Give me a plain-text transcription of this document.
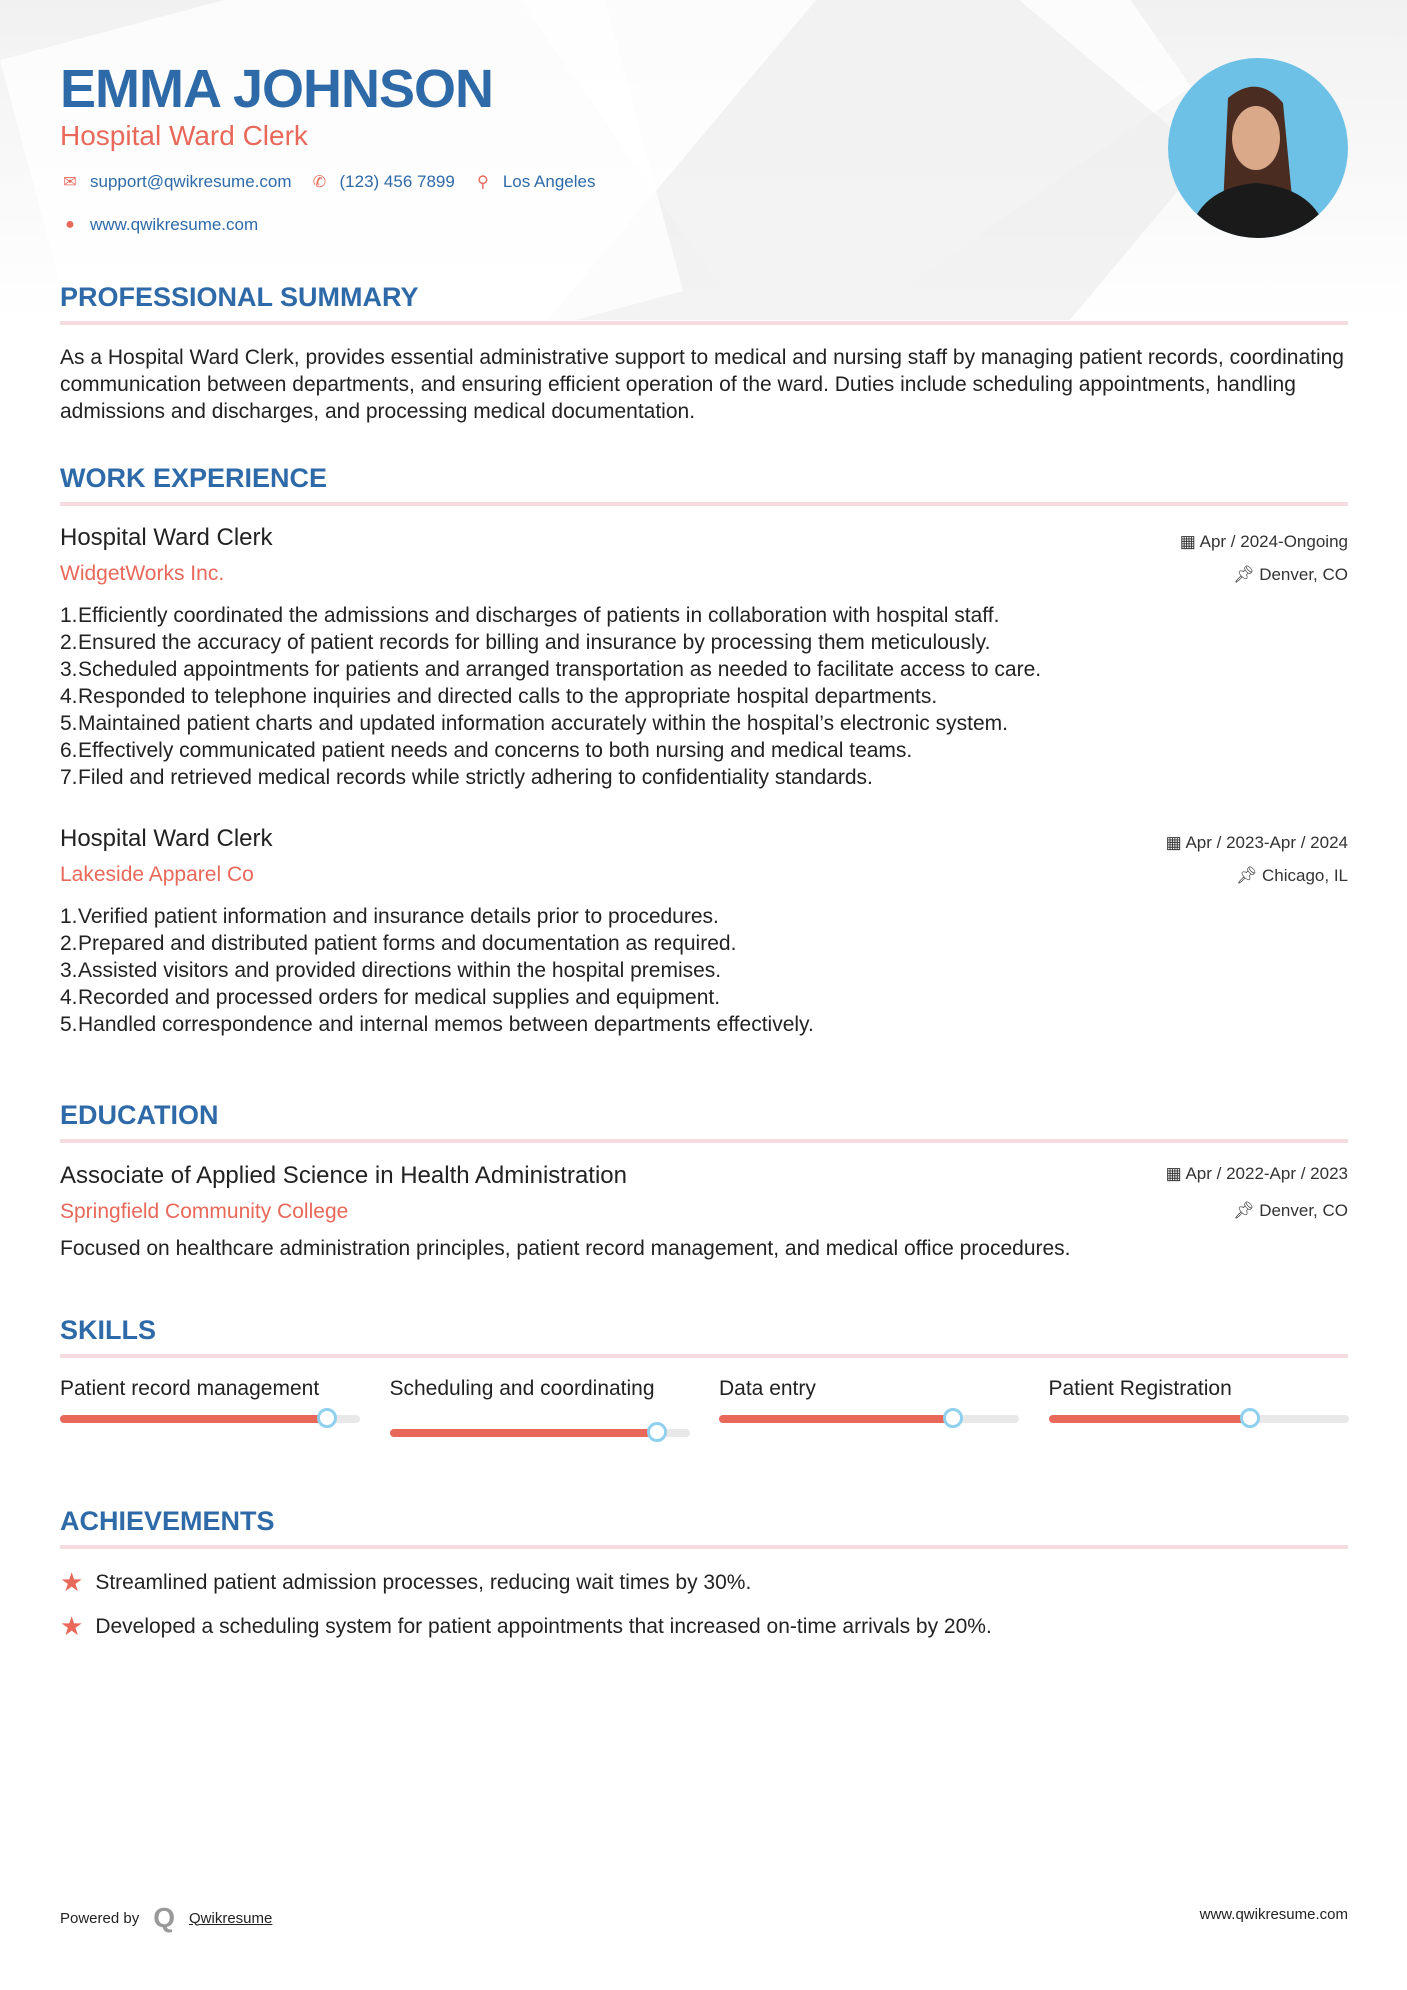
EMMA JOHNSON
Hospital Ward Clerk
✉ support@qwikresume.com ✆ (123) 456 7899 ⚲ Los Angeles
● www.qwikresume.com
PROFESSIONAL SUMMARY
As a Hospital Ward Clerk, provides essential administrative support to medical and nursing staff by managing patient records, coordinating communication between departments, and ensuring efficient operation of the ward. Duties include scheduling appointments, handling admissions and discharges, and processing medical documentation.
WORK EXPERIENCE
Hospital Ward Clerk
WidgetWorks Inc.
▦ Apr / 2024-Ongoing
📌︎ Denver, CO
1.Efficiently coordinated the admissions and discharges of patients in collaboration with hospital staff.
2.Ensured the accuracy of patient records for billing and insurance by processing them meticulously.
3.Scheduled appointments for patients and arranged transportation as needed to facilitate access to care.
4.Responded to telephone inquiries and directed calls to the appropriate hospital departments.
5.Maintained patient charts and updated information accurately within the hospital’s electronic system.
6.Effectively communicated patient needs and concerns to both nursing and medical teams.
7.Filed and retrieved medical records while strictly adhering to confidentiality standards.
Hospital Ward Clerk
Lakeside Apparel Co
▦ Apr / 2023-Apr / 2024
📌︎ Chicago, IL
1.Verified patient information and insurance details prior to procedures.
2.Prepared and distributed patient forms and documentation as required.
3.Assisted visitors and provided directions within the hospital premises.
4.Recorded and processed orders for medical supplies and equipment.
5.Handled correspondence and internal memos between departments effectively.
EDUCATION
Associate of Applied Science in Health Administration
Springfield Community College
▦ Apr / 2022-Apr / 2023
📌︎ Denver, CO
Focused on healthcare administration principles, patient record management, and medical office procedures.
SKILLS
Patient record management	Scheduling and coordinating	Data entry	Patient Registration
ACHIEVEMENTS
★ Streamlined patient admission processes, reducing wait times by 30%.
★ Developed a scheduling system for patient appointments that increased on-time arrivals by 20%.
Powered by Q Qwikresume	www.qwikresume.com
